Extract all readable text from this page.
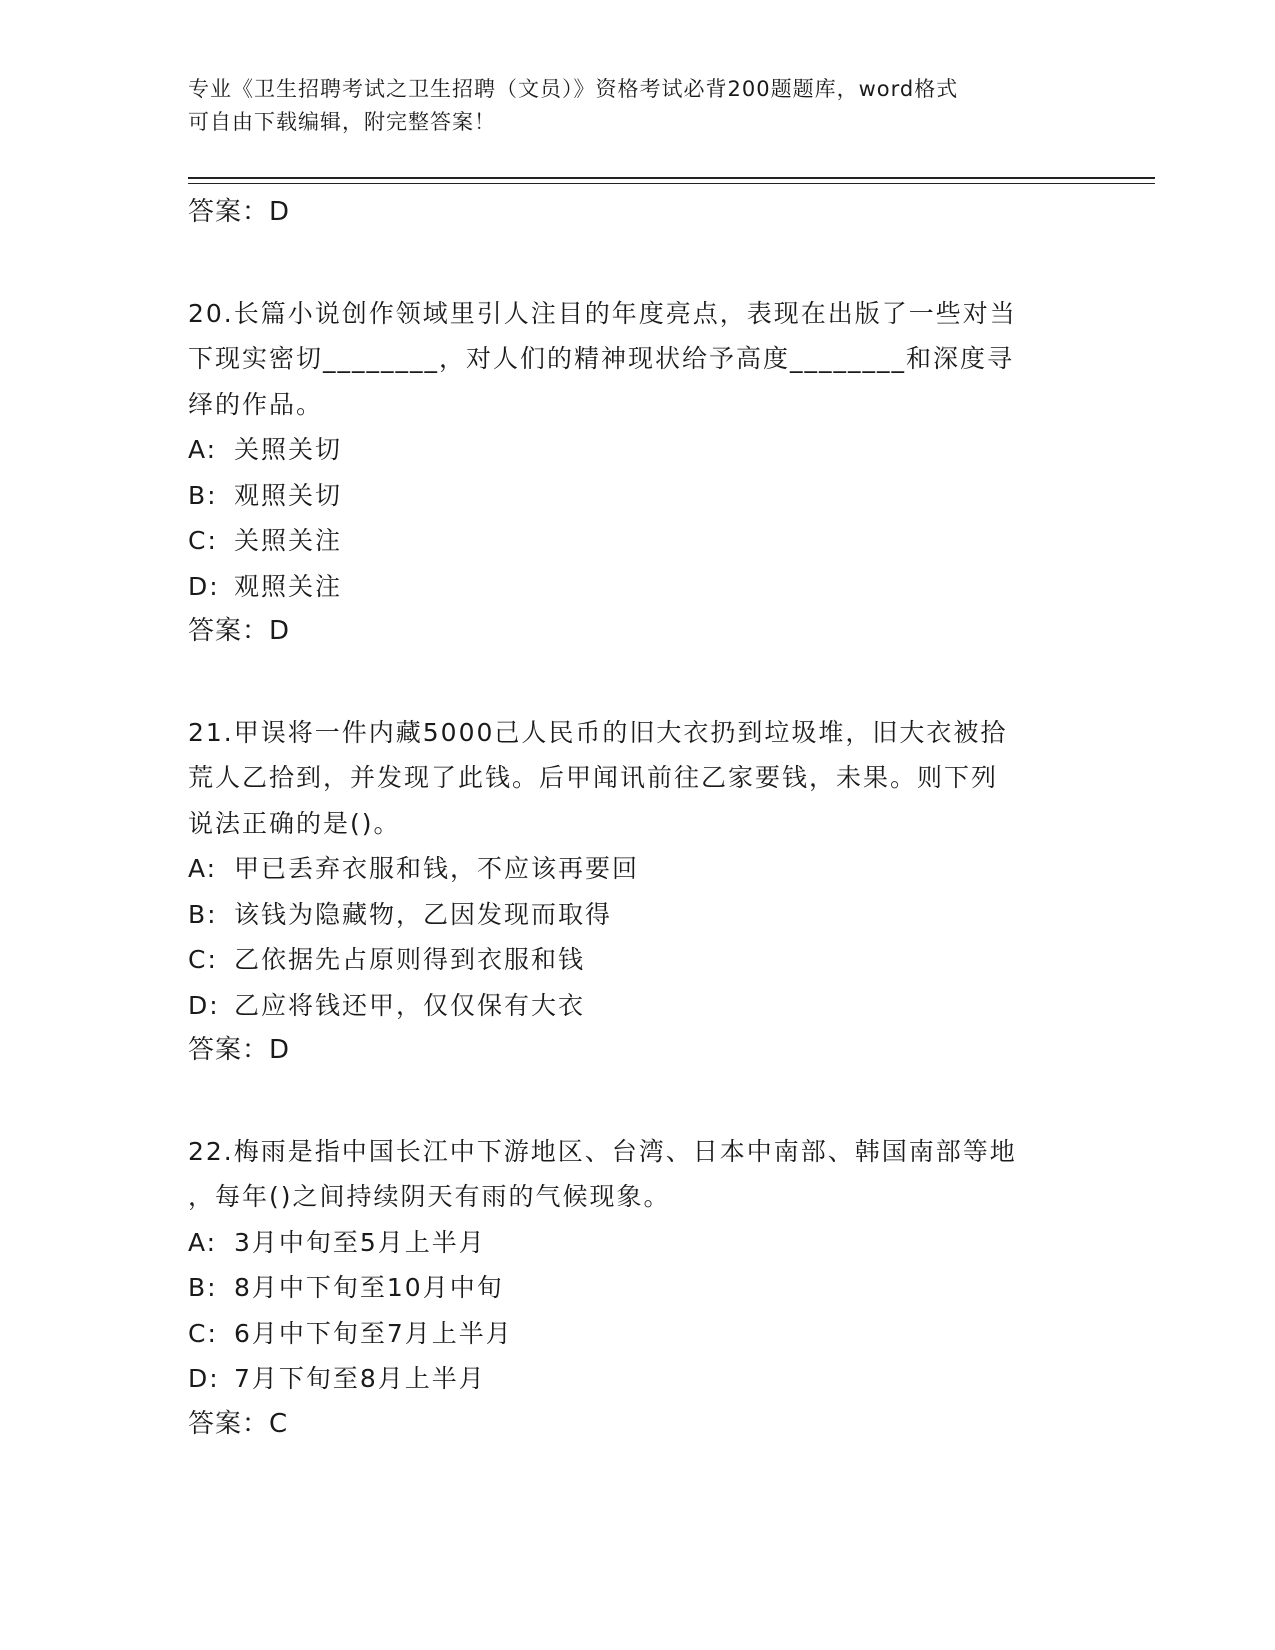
专业《卫生招聘考试之卫生招聘（文员）》资格考试必背200题题库，word格式
可自由下载编辑，附完整答案！
答案：D
20.长篇小说创作领域里引人注目的年度亮点，表现在出版了一些对当
下现实密切________，对人们的精神现状给予高度________和深度寻
绎的作品。
A: 关照关切
B: 观照关切
C: 关照关注
D: 观照关注
答案：D
21.甲误将一件内藏5000己人民币的旧大衣扔到垃圾堆，旧大衣被拾
荒人乙拾到，并发现了此钱。后甲闻讯前往乙家要钱，未果。则下列
说法正确的是()。
A: 甲已丢弃衣服和钱，不应该再要回
B: 该钱为隐藏物，乙因发现而取得
C: 乙依据先占原则得到衣服和钱
D: 乙应将钱还甲，仅仅保有大衣
答案：D
22.梅雨是指中国长江中下游地区、台湾、日本中南部、韩国南部等地
，每年()之间持续阴天有雨的气候现象。
A: 3月中旬至5月上半月
B: 8月中下旬至10月中旬
C: 6月中下旬至7月上半月
D: 7月下旬至8月上半月
答案：C
